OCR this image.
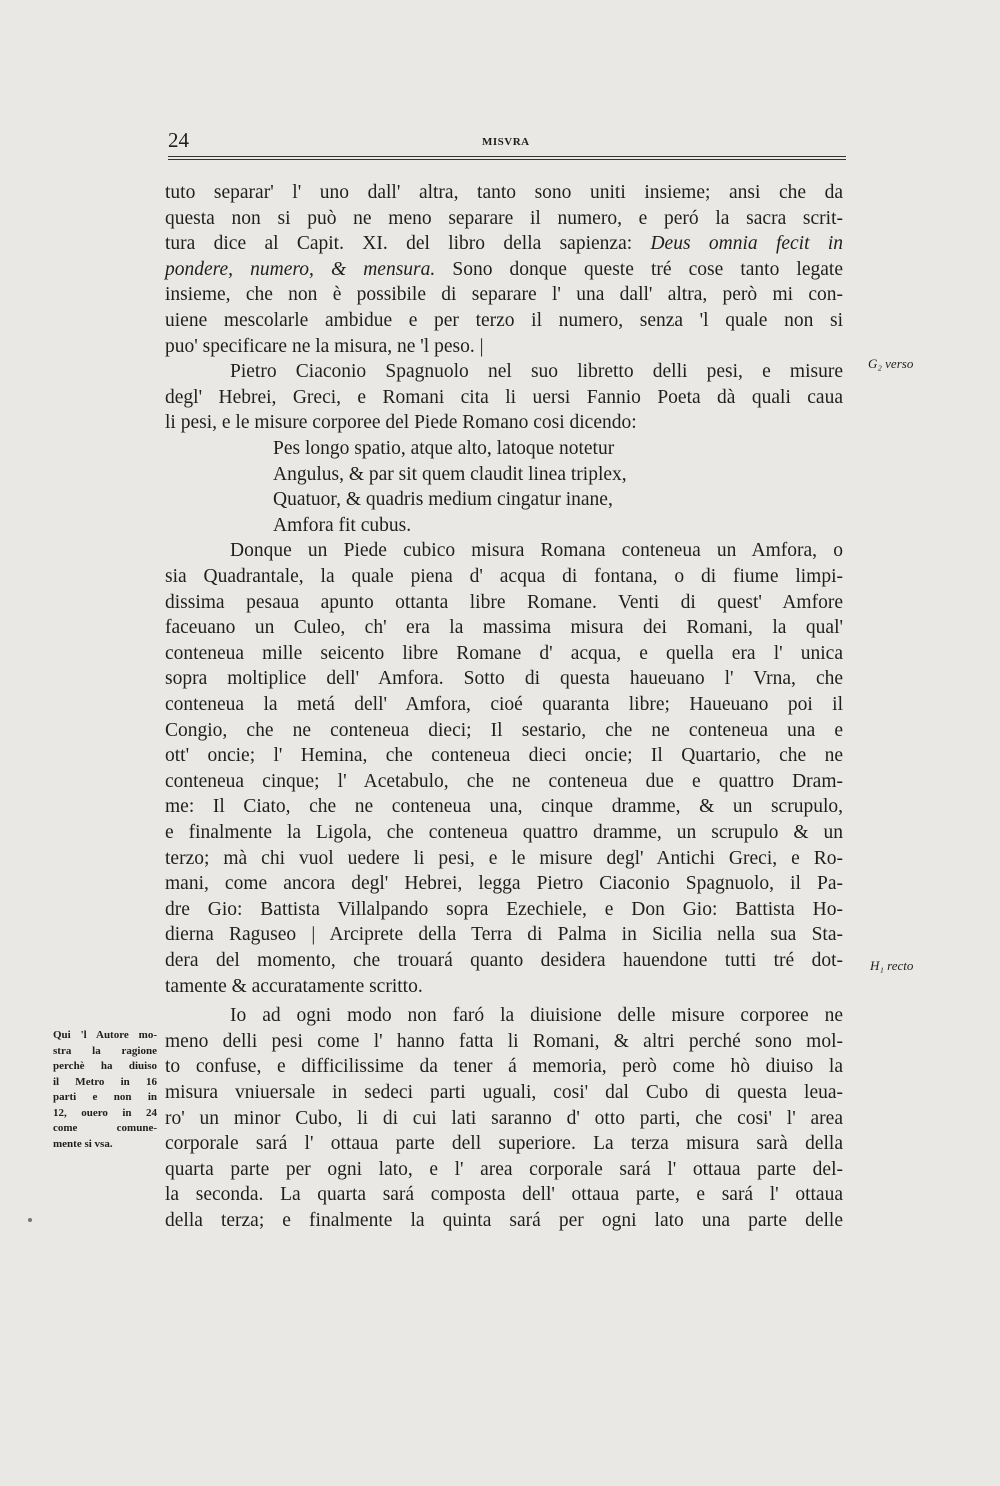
24	MISVRA
tuto separar' l' uno dall' altra, tanto sono uniti insieme; ansi che da
questa non si può ne meno separare il numero, e peró la sacra scrit-
tura dice al Capit. XI. del libro della sapienza: Deus omnia fecit in
pondere, numero, & mensura. Sono donque queste tré cose tanto legate
insieme, che non è possibile di separare l' una dall' altra, però mi con-
uiene mescolarle ambidue e per terzo il numero, senza 'l quale non si
puo' specificare ne la misura, ne 'l peso. |
Pietro Ciaconio Spagnuolo nel suo libretto delli pesi, e misure
degl' Hebrei, Greci, e Romani cita li uersi Fannio Poeta dà quali caua
li pesi, e le misure corporee del Piede Romano cosi dicendo:
Pes longo spatio, atque alto, latoque notetur
Angulus, & par sit quem claudit linea triplex,
Quatuor, & quadris medium cingatur inane,
Amfora fit cubus.
Donque un Piede cubico misura Romana conteneua un Amfora, o
sia Quadrantale, la quale piena d' acqua di fontana, o di fiume limpi-
dissima pesaua apunto ottanta libre Romane. Venti di quest' Amfore
faceuano un Culeo, ch' era la massima misura dei Romani, la qual'
conteneua mille seicento libre Romane d' acqua, e quella era l' unica
sopra moltiplice dell' Amfora. Sotto di questa haueuano l' Vrna, che
conteneua la metá dell' Amfora, cioé quaranta libre; Haueuano poi il
Congio, che ne conteneua dieci; Il sestario, che ne conteneua una e
ott' oncie; l' Hemina, che conteneua dieci oncie; Il Quartario, che ne
conteneua cinque; l' Acetabulo, che ne conteneua due e quattro Dram-
me: Il Ciato, che ne conteneua una, cinque dramme, & un scrupulo,
e finalmente la Ligola, che conteneua quattro dramme, un scrupulo & un
terzo; mà chi vuol uedere li pesi, e le misure degl' Antichi Greci, e Ro-
mani, come ancora degl' Hebrei, legga Pietro Ciaconio Spagnuolo, il Pa-
dre Gio: Battista Villalpando sopra Ezechiele, e Don Gio: Battista Ho-
dierna Raguseo | Arciprete della Terra di Palma in Sicilia nella sua Sta-
dera del momento, che trouará quanto desidera hauendone tutti tré dot-
tamente & accuratamente scritto.
Io ad ogni modo non faró la diuisione delle misure corporee ne
meno delli pesi come l' hanno fatta li Romani, & altri perché sono mol-
to confuse, e difficilissime da tener á memoria, però come hò diuiso la
misura vniuersale in sedeci parti uguali, cosi' dal Cubo di questa leua-
ro' un minor Cubo, li di cui lati saranno d' otto parti, che cosi' l' area
corporale sará l' ottaua parte dell superiore. La terza misura sarà della
quarta parte per ogni lato, e l' area corporale sará l' ottaua parte del-
la seconda. La quarta sará composta dell' ottaua parte, e sará l' ottaua
della terza; e finalmente la quinta sará per ogni lato una parte delle
G₂ verso
H₁ recto
Qui 'l Autore mo-
stra la ragione
perchè ha diuiso
il Metro in 16
parti e non in
12, ouero in 24
come comune-
mente si vsa.
